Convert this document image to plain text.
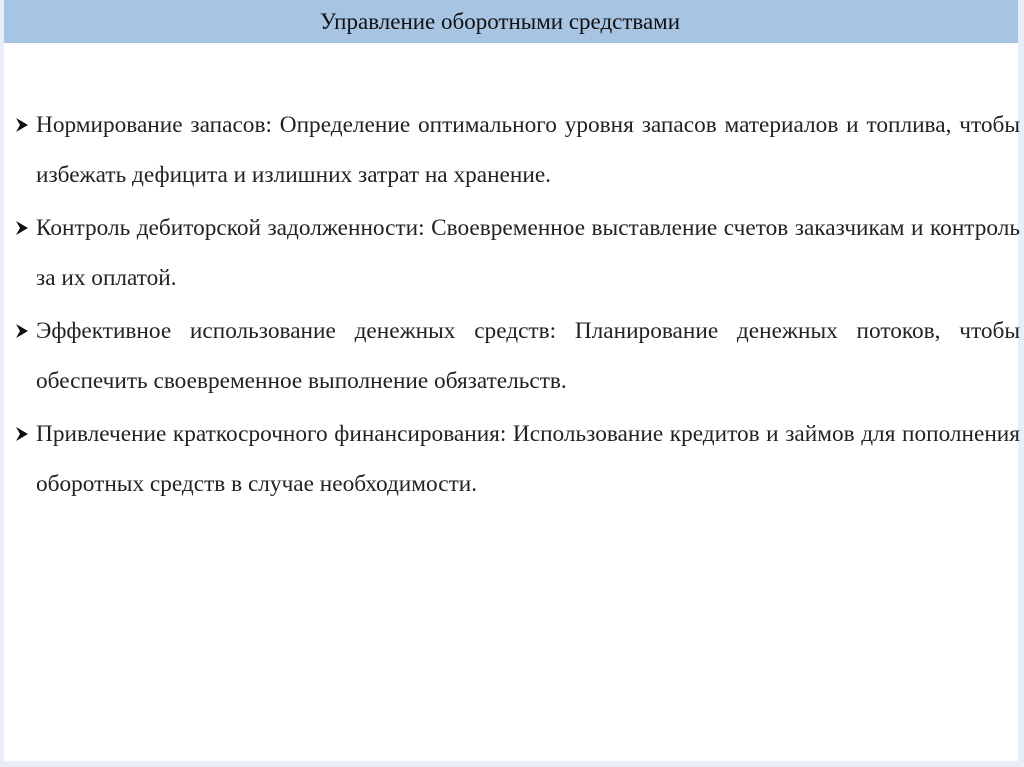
Управление оборотными средствами
Нормирование запасов: Определение оптимального уровня запасов материалов и топлива, чтобы избежать дефицита и излишних затрат на хранение.
Контроль дебиторской задолженности: Своевременное выставление счетов заказчикам и контроль за их оплатой.
Эффективное использование денежных средств: Планирование денежных потоков, чтобы обеспечить своевременное выполнение обязательств.
Привлечение краткосрочного финансирования: Использование кредитов и займов для пополнения оборотных средств в случае необходимости.
